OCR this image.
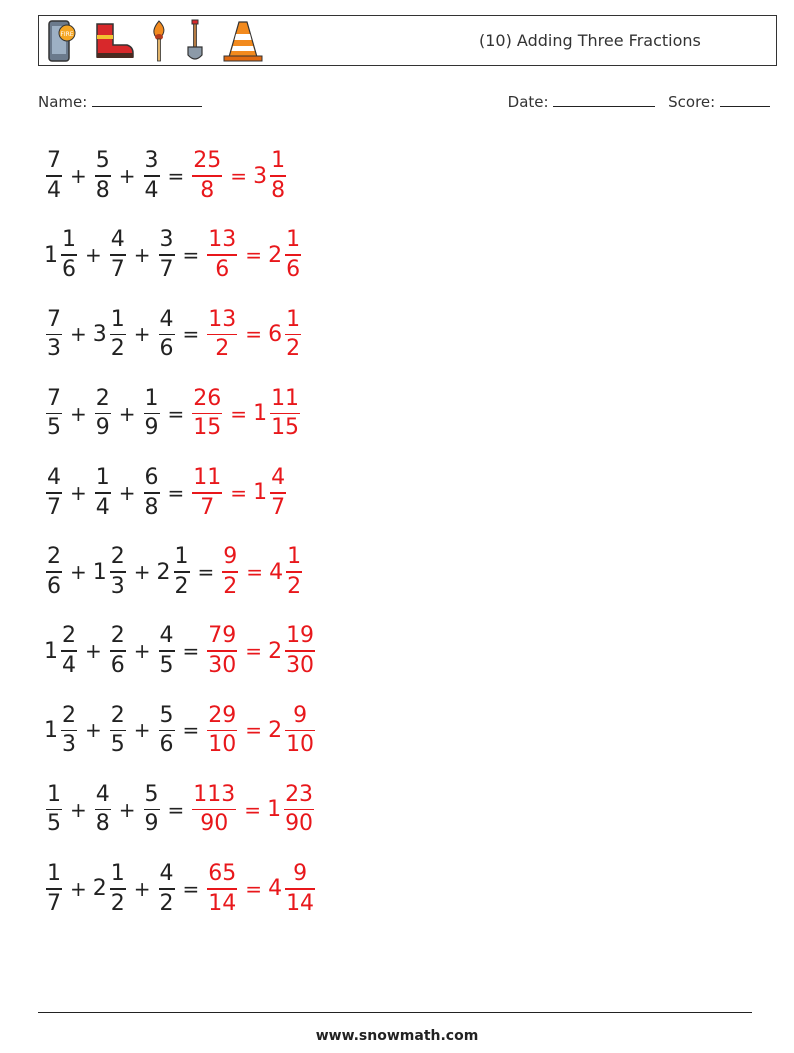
FIRE	(10) Adding Three Fractions
Name:	Date:	Score:
$\frac{7}{4} + \frac{5}{8} + \frac{3}{4} = \frac{25}{8} = 3 \frac{1}{8}$
$1 \frac{1}{6} + \frac{4}{7} + \frac{3}{7} = \frac{13}{6} = 2 \frac{1}{6}$
$\frac{7}{3} + 3 \frac{1}{2} + \frac{4}{6} = \frac{13}{2} = 6 \frac{1}{2}$
$\frac{7}{5} + \frac{2}{9} + \frac{1}{9} = \frac{26}{15} = 1 \frac{11}{15}$
$\frac{4}{7} + \frac{1}{4} + \frac{6}{8} = \frac{11}{7} = 1 \frac{4}{7}$
$\frac{2}{6} + 1 \frac{2}{3} + 2 \frac{1}{2} = \frac{9}{2} = 4 \frac{1}{2}$
$1 \frac{2}{4} + \frac{2}{6} + \frac{4}{5} = \frac{79}{30} = 2 \frac{19}{30}$
$1 \frac{2}{3} + \frac{2}{5} + \frac{5}{6} = \frac{29}{10} = 2 \frac{9}{10}$
$\frac{1}{5} + \frac{4}{8} + \frac{5}{9} = \frac{113}{90} = 1 \frac{23}{90}$
$\frac{1}{7} + 2 \frac{1}{2} + \frac{4}{2} = \frac{65}{14} = 4 \frac{9}{14}$
www.snowmath.com
